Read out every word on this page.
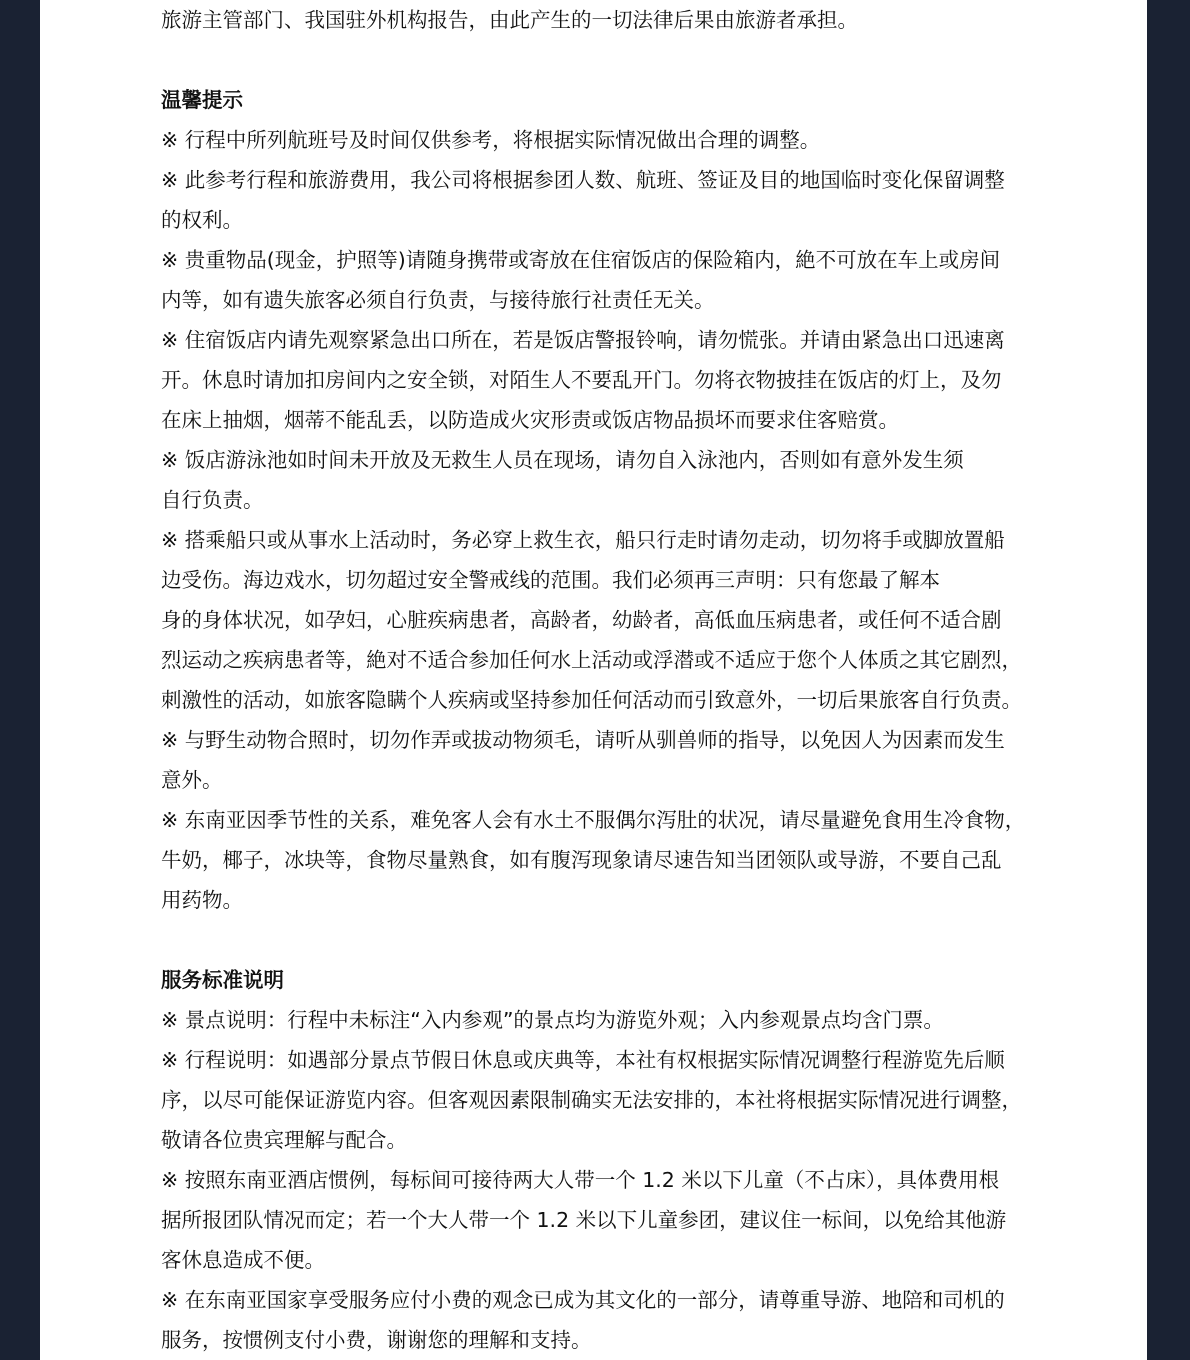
旅游主管部门、我国驻外机构报告，由此产生的一切法律后果由旅游者承担。
温馨提示
※ 行程中所列航班号及时间仅供参考，将根据实际情况做出合理的调整。
※ 此参考行程和旅游费用，我公司将根据参团人数、航班、签证及目的地国临时变化保留调整
的权利。
※ 贵重物品(现金，护照等)请随身携带或寄放在住宿饭店的保险箱内，絶不可放在车上或房间
内等，如有遗失旅客必须自行负责，与接待旅行社责任无关。
※ 住宿饭店内请先观察紧急出口所在，若是饭店警报铃响，请勿慌张。并请由紧急出口迅速离
开。休息时请加扣房间内之安全锁，对陌生人不要乱开门。勿将衣物披挂在饭店的灯上，及勿
在床上抽烟，烟蒂不能乱丢，以防造成火灾形责或饭店物品损坏而要求住客赔赏。
※ 饭店游泳池如时间未开放及无救生人员在现场，请勿自入泳池内，否则如有意外发生须
自行负责。
※ 搭乘船只或从事水上活动时，务必穿上救生衣，船只行走时请勿走动，切勿将手或脚放置船
边受伤。海边戏水，切勿超过安全警戒线的范围。我们必须再三声明：只有您最了解本
身的身体状况，如孕妇，心脏疾病患者，高龄者，幼龄者，高低血压病患者，或任何不适合剧
烈运动之疾病患者等，絶对不适合参加任何水上活动或浮潜或不适应于您个人体质之其它剧烈，
刺激性的活动，如旅客隐瞒个人疾病或坚持参加任何活动而引致意外，一切后果旅客自行负责。
※ 与野生动物合照时，切勿作弄或拔动物须毛，请听从驯兽师的指导，以免因人为因素而发生
意外。
※ 东南亚因季节性的关系，难免客人会有水土不服偶尔泻肚的状况，请尽量避免食用生冷食物，
牛奶，椰子，冰块等，食物尽量熟食，如有腹泻现象请尽速告知当团领队或导游，不要自己乱
用药物。
服务标准说明
※ 景点说明：行程中未标注“入内参观”的景点均为游览外观；入内参观景点均含门票。
※ 行程说明：如遇部分景点节假日休息或庆典等，本社有权根据实际情况调整行程游览先后顺
序，以尽可能保证游览内容。但客观因素限制确实无法安排的，本社将根据实际情况进行调整，
敬请各位贵宾理解与配合。
※ 按照东南亚酒店惯例，每标间可接待两大人带一个 1.2 米以下儿童（不占床），具体费用根
据所报团队情况而定；若一个大人带一个 1.2 米以下儿童参团，建议住一标间，以免给其他游
客休息造成不便。
※ 在东南亚国家享受服务应付小费的观念已成为其文化的一部分，请尊重导游、地陪和司机的
服务，按惯例支付小费，谢谢您的理解和支持。
